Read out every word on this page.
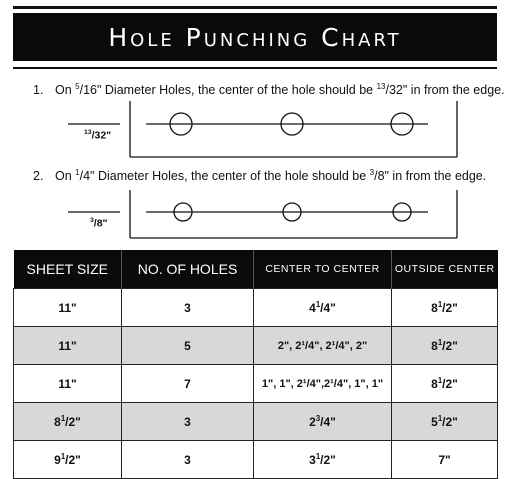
Hole Punching Chart
1. On $^5$/16" Diameter Holes, the center of the hole should be $^{13}$/32" in from the edge.
$^{13}$/32"
2. On $^1$/4" Diameter Holes, the center of the hole should be $^3$/8" in from the edge.
$^3$/8"
SHEET SIZE	NO. OF HOLES	CENTER TO CENTER	OUTSIDE CENTER
11"	3	$4^1/4$"	$8^1/2$"
11"	5	2", 2¹/4", 2¹/4", 2"	$8^1/2$"
11"	7	1", 1", 2¹/4",2¹/4", 1", 1"	$8^1/2$"
$8^1/2$"	3	$2^3/4$"	$5^1/2$"
$9^1/2$"	3	$3^1/2$"	7"
